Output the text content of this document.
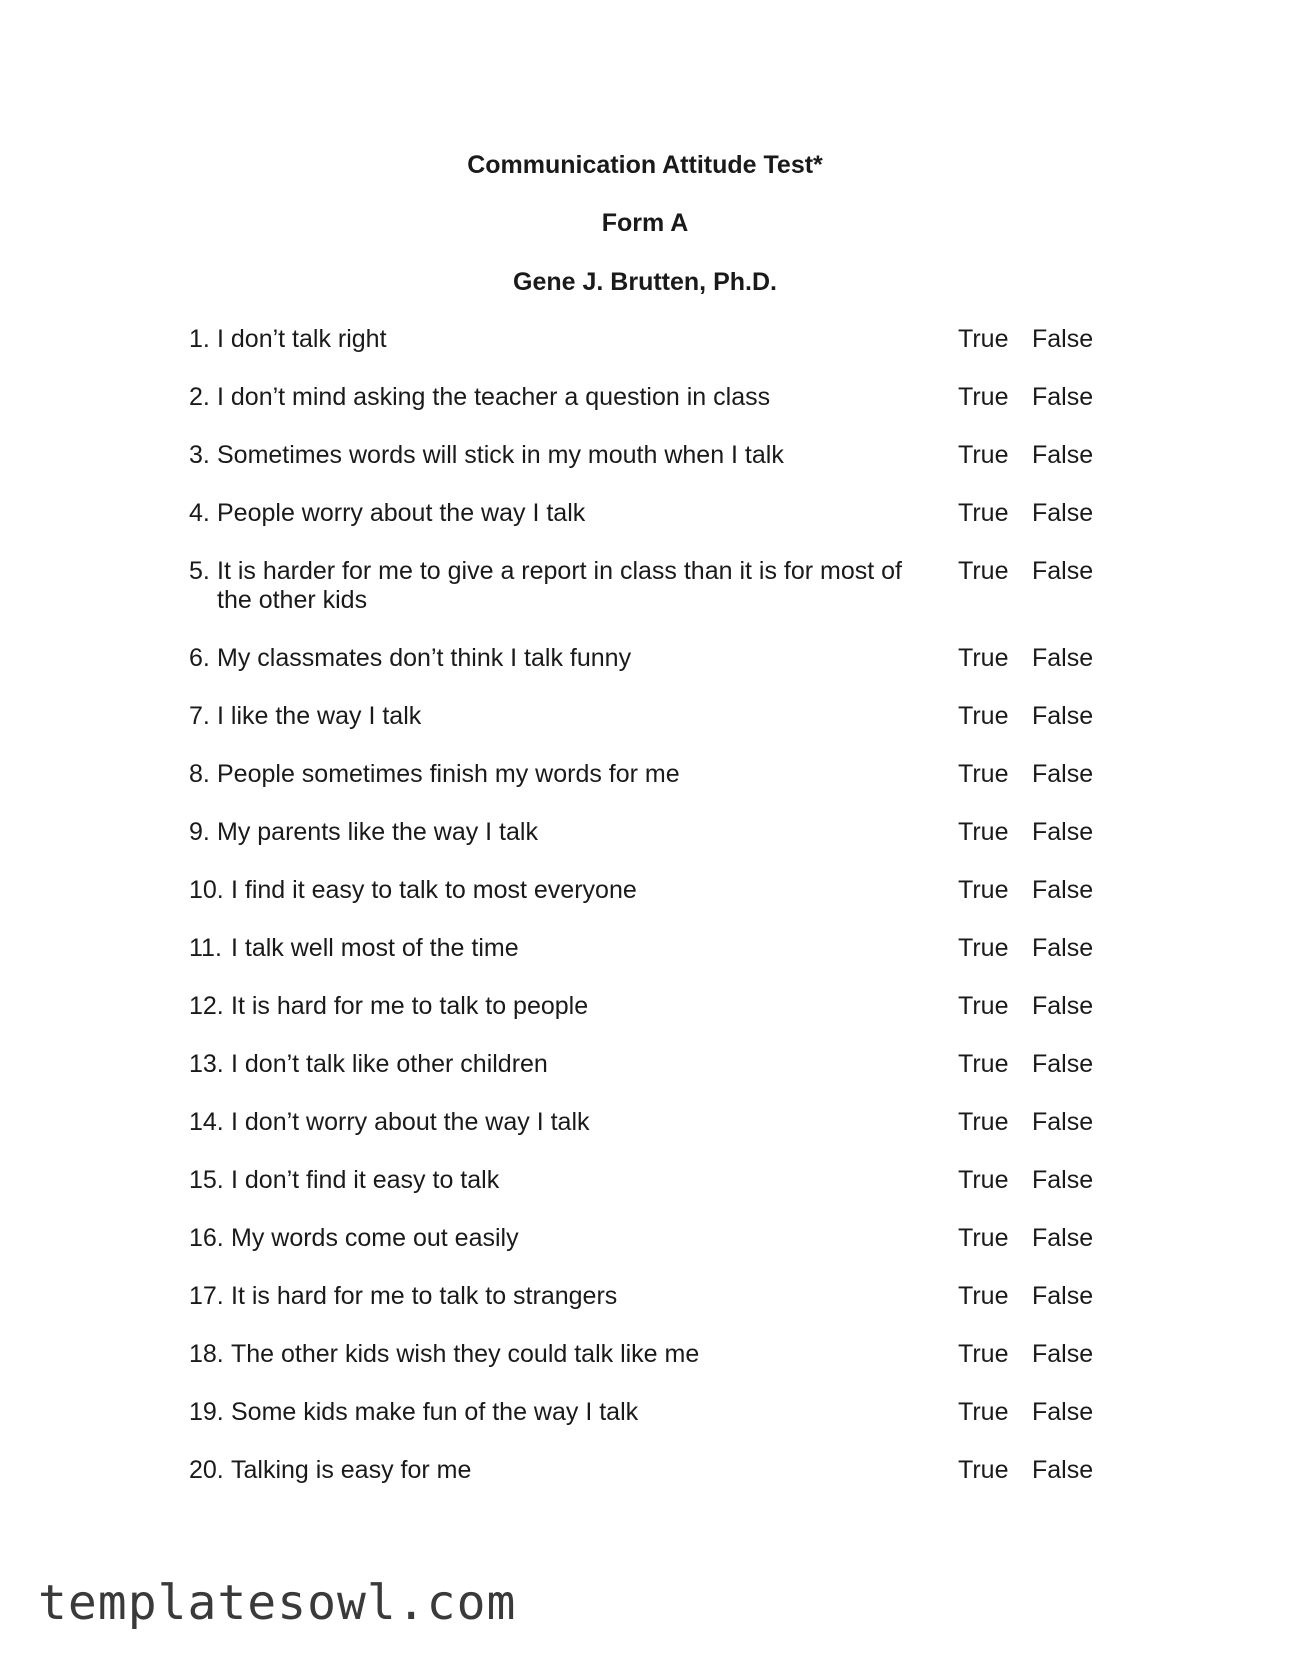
Communication Attitude Test*
Form A
Gene J. Brutten, Ph.D.
1. I don’t talk right	True False
2. I don’t mind asking the teacher a question in class	True False
3. Sometimes words will stick in my mouth when I talk	True False
4. People worry about the way I talk	True False
5. It is harder for me to give a report in class than it is for most of the other kids
True False
6. My classmates don’t think I talk funny	True False
7. I like the way I talk	True False
8. People sometimes finish my words for me	True False
9. My parents like the way I talk	True False
10. I find it easy to talk to most everyone	True False
11. I talk well most of the time	True False
12. It is hard for me to talk to people	True False
13. I don’t talk like other children	True False
14. I don’t worry about the way I talk	True False
15. I don’t find it easy to talk	True False
16. My words come out easily	True False
17. It is hard for me to talk to strangers	True False
18. The other kids wish they could talk like me	True False
19. Some kids make fun of the way I talk	True False
20. Talking is easy for me	True False
templatesowl.com
